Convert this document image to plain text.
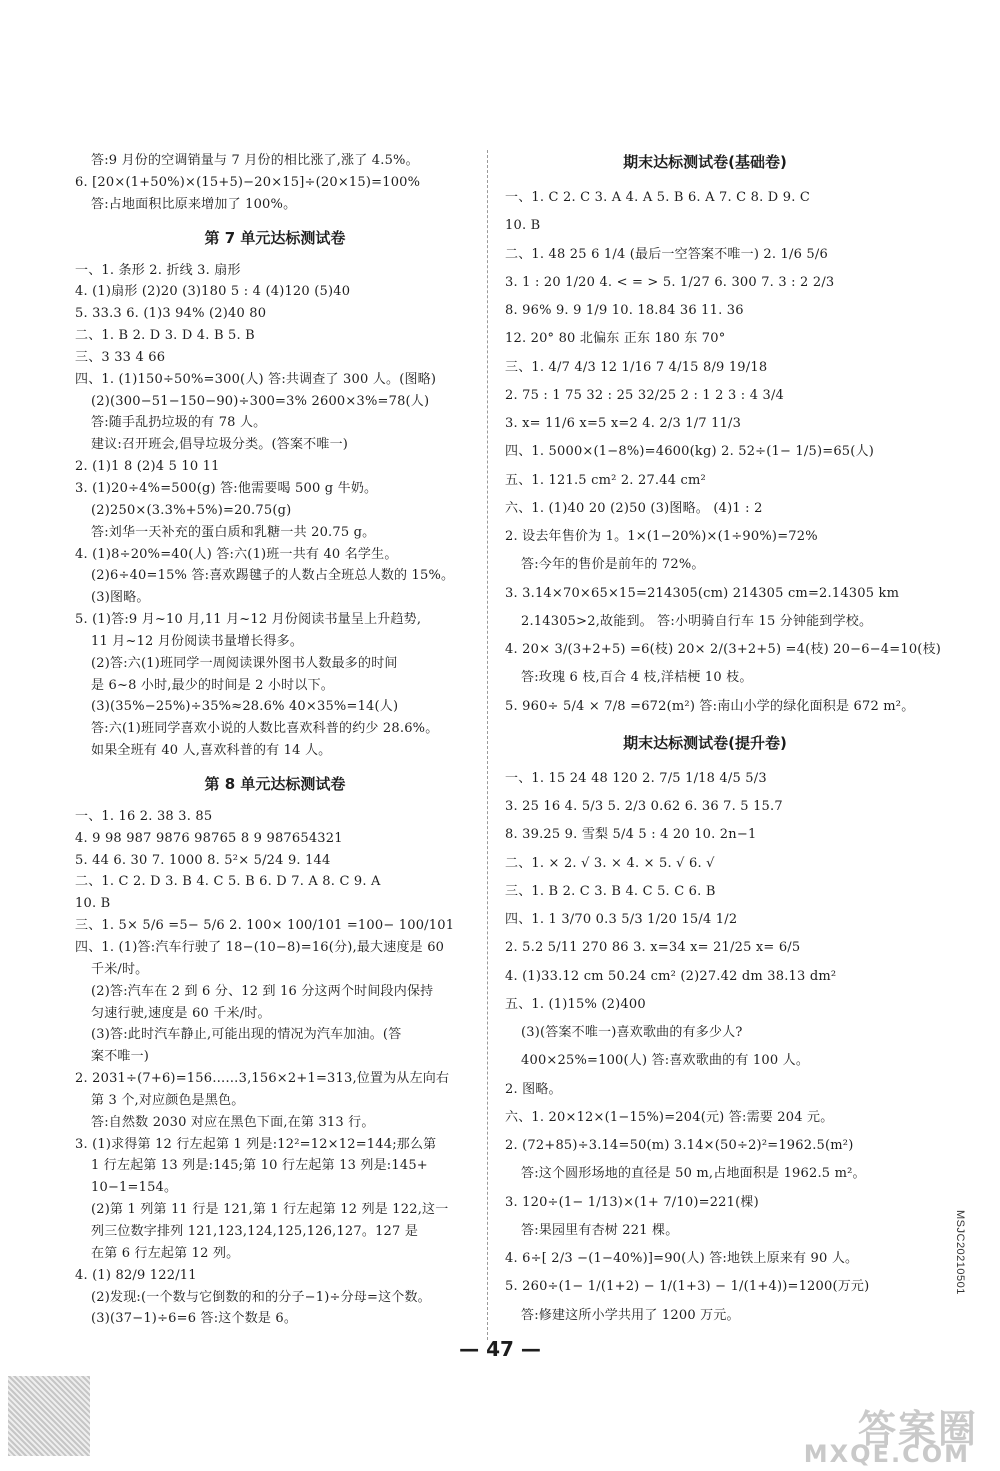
答:9 月份的空调销量与 7 月份的相比涨了,涨了 4.5%。
6. [20×(1+50%)×(15+5)−20×15]÷(20×15)=100%
答:占地面积比原来增加了 100%。
第 7 单元达标测试卷
一、1. 条形 2. 折线 3. 扇形
4. (1)扇形 (2)20 (3)180 5 : 4 (4)120 (5)40
5. 33.3 6. (1)3 94% (2)40 80
二、1. B 2. D 3. D 4. B 5. B
三、3 33 4 66
四、1. (1)150÷50%=300(人) 答:共调查了 300 人。(图略)
(2)(300−51−150−90)÷300=3% 2600×3%=78(人)
答:随手乱扔垃圾的有 78 人。
建议:召开班会,倡导垃圾分类。(答案不唯一)
2. (1)1 8 (2)4 5 10 11
3. (1)20÷4%=500(g) 答:他需要喝 500 g 牛奶。
(2)250×(3.3%+5%)=20.75(g)
答:刘华一天补充的蛋白质和乳糖一共 20.75 g。
4. (1)8÷20%=40(人) 答:六(1)班一共有 40 名学生。
(2)6÷40=15% 答:喜欢踢毽子的人数占全班总人数的 15%。
(3)图略。
5. (1)答:9 月~10 月,11 月~12 月份阅读书量呈上升趋势,
11 月~12 月份阅读书量增长得多。
(2)答:六(1)班同学一周阅读课外图书人数最多的时间
是 6~8 小时,最少的时间是 2 小时以下。
(3)(35%−25%)÷35%≈28.6% 40×35%=14(人)
答:六(1)班同学喜欢小说的人数比喜欢科普的约少 28.6%。
如果全班有 40 人,喜欢科普的有 14 人。
第 8 单元达标测试卷
一、1. 16 2. 38 3. 85
4. 9 98 987 9876 98765 8 9 987654321
5. 44 6. 30 7. 1000 8. 5²× 5/24 9. 144
二、1. C 2. D 3. B 4. C 5. B 6. D 7. A 8. C 9. A
10. B
三、1. 5× 5/6 =5− 5/6 2. 100× 100/101 =100− 100/101
四、1. (1)答:汽车行驶了 18−(10−8)=16(分),最大速度是 60
千米/时。
(2)答:汽车在 2 到 6 分、12 到 16 分这两个时间段内保持
匀速行驶,速度是 60 千米/时。
(3)答:此时汽车静止,可能出现的情况为汽车加油。(答
案不唯一)
2. 2031÷(7+6)=156……3,156×2+1=313,位置为从左向右
第 3 个,对应颜色是黑色。
答:自然数 2030 对应在黑色下面,在第 313 行。
3. (1)求得第 12 行左起第 1 列是:12²=12×12=144;那么第
1 行左起第 13 列是:145;第 10 行左起第 13 列是:145+
10−1=154。
(2)第 1 列第 11 行是 121,第 1 行左起第 12 列是 122,这一
列三位数字排列 121,123,124,125,126,127。127 是
在第 6 行左起第 12 列。
4. (1) 82/9 122/11
(2)发现:(一个数与它倒数的和的分子−1)÷分母=这个数。
(3)(37−1)÷6=6 答:这个数是 6。
期末达标测试卷(基础卷)
一、1. C 2. C 3. A 4. A 5. B 6. A 7. C 8. D 9. C
10. B
二、1. 48 25 6 1/4 (最后一空答案不唯一) 2. 1/6 5/6
3. 1 : 20 1/20 4. < = > 5. 1/27 6. 300 7. 3 : 2 2/3
8. 96% 9. 9 1/9 10. 18.84 36 11. 36
12. 20° 80 北偏东 正东 180 东 70°
三、1. 4/7 4/3 12 1/16 7 4/15 8/9 19/18
2. 75 : 1 75 32 : 25 32/25 2 : 1 2 3 : 4 3/4
3. x= 11/6 x=5 x=2 4. 2/3 1/7 11/3
四、1. 5000×(1−8%)=4600(kg) 2. 52÷(1− 1/5)=65(人)
五、1. 121.5 cm² 2. 27.44 cm²
六、1. (1)40 20 (2)50 (3)图略。 (4)1 : 2
2. 设去年售价为 1。1×(1−20%)×(1÷90%)=72%
答:今年的售价是前年的 72%。
3. 3.14×70×65×15=214305(cm) 214305 cm=2.14305 km
2.14305>2,故能到。 答:小明骑自行车 15 分钟能到学校。
4. 20× 3/(3+2+5) =6(枝) 20× 2/(3+2+5) =4(枝) 20−6−4=10(枝)
答:玫瑰 6 枝,百合 4 枝,洋桔梗 10 枝。
5. 960÷ 5/4 × 7/8 =672(m²) 答:南山小学的绿化面积是 672 m²。
期末达标测试卷(提升卷)
一、1. 15 24 48 120 2. 7/5 1/18 4/5 5/3
3. 25 16 4. 5/3 5. 2/3 0.62 6. 36 7. 5 15.7
8. 39.25 9. 雪梨 5/4 5 : 4 20 10. 2n−1
二、1. × 2. √ 3. × 4. × 5. √ 6. √
三、1. B 2. C 3. B 4. C 5. C 6. B
四、1. 1 3/70 0.3 5/3 1/20 15/4 1/2
2. 5.2 5/11 270 86 3. x=34 x= 21/25 x= 6/5
4. (1)33.12 cm 50.24 cm² (2)27.42 dm 38.13 dm²
五、1. (1)15% (2)400
(3)(答案不唯一)喜欢歌曲的有多少人?
400×25%=100(人) 答:喜欢歌曲的有 100 人。
2. 图略。
六、1. 20×12×(1−15%)=204(元) 答:需要 204 元。
2. (72+85)÷3.14=50(m) 3.14×(50÷2)²=1962.5(m²)
答:这个圆形场地的直径是 50 m,占地面积是 1962.5 m²。
3. 120÷(1− 1/13)×(1+ 7/10)=221(棵)
答:果园里有杏树 221 棵。
4. 6÷[ 2/3 −(1−40%)]=90(人) 答:地铁上原来有 90 人。
5. 260÷(1− 1/(1+2) − 1/(1+3) − 1/(1+4))=1200(万元)
答:修建这所小学共用了 1200 万元。
— 47 —
MSJC20210501
答案圈
MXQE.COM
